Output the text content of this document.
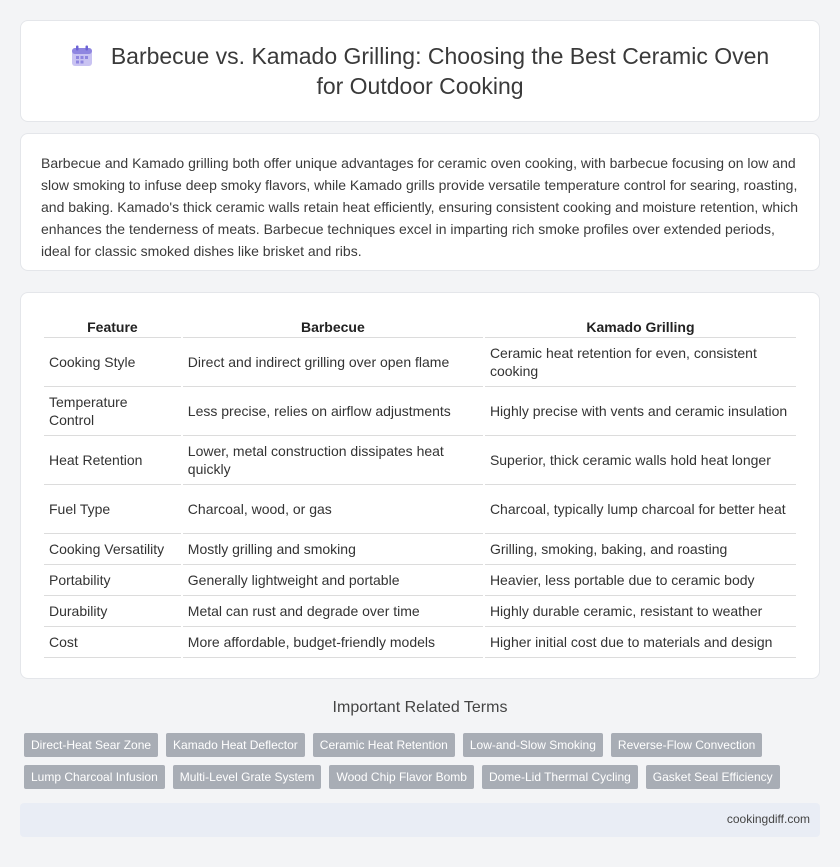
Barbecue vs. Kamado Grilling: Choosing the Best Ceramic Oven
for Outdoor Cooking

Barbecue and Kamado grilling both offer unique advantages for ceramic oven cooking, with barbecue focusing on low and slow smoking to infuse deep smoky flavors, while Kamado grills provide versatile temperature control for searing, roasting, and baking. Kamado's thick ceramic walls retain heat efficiently, ensuring consistent cooking and moisture retention, which enhances the tenderness of meats. Barbecue techniques excel in imparting rich smoke profiles over extended periods, ideal for classic smoked dishes like brisket and ribs.

Feature	Barbecue	Kamado Grilling
Cooking Style	Direct and indirect grilling over open flame	Ceramic heat retention for even, consistent cooking
Temperature Control	Less precise, relies on airflow adjustments	Highly precise with vents and ceramic insulation
Heat Retention	Lower, metal construction dissipates heat quickly	Superior, thick ceramic walls hold heat longer
Fuel Type	Charcoal, wood, or gas	Charcoal, typically lump charcoal for better heat
Cooking Versatility	Mostly grilling and smoking	Grilling, smoking, baking, and roasting
Portability	Generally lightweight and portable	Heavier, less portable due to ceramic body
Durability	Metal can rust and degrade over time	Highly durable ceramic, resistant to weather
Cost	More affordable, budget-friendly models	Higher initial cost due to materials and design
Important Related Terms
Direct-Heat Sear Zone Kamado Heat Deflector Ceramic Heat Retention Low-and-Slow Smoking Reverse-Flow Convection
Lump Charcoal Infusion Multi-Level Grate System Wood Chip Flavor Bomb Dome-Lid Thermal Cycling Gasket Seal Efficiency
cookingdiff.com
